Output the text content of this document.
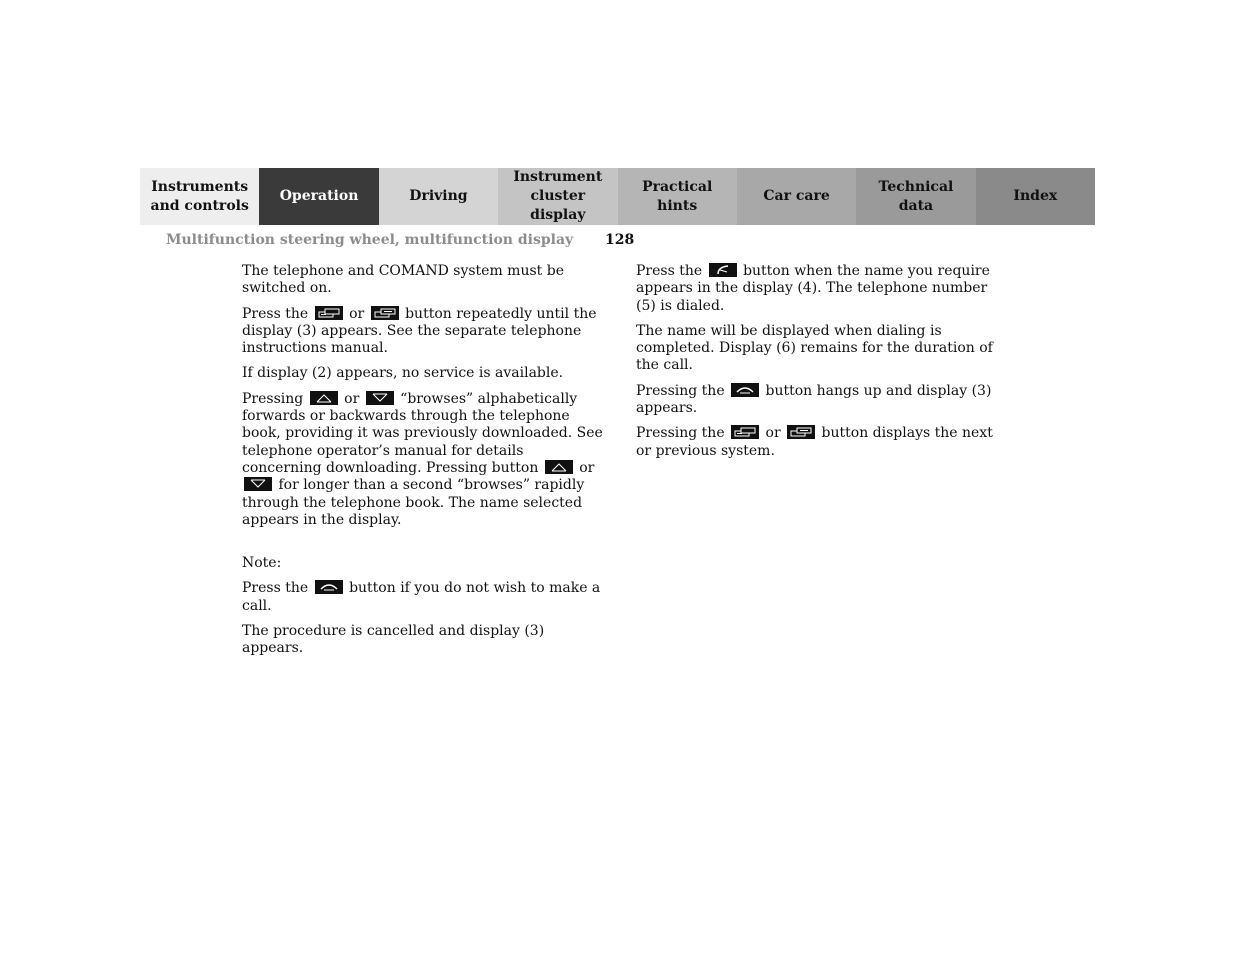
Instruments
and controls
Operation	Driving
Instrument
cluster display
Practical hints
Car care
Technical
data
Index
Multifunction steering wheel, multifunction display 128

The telephone and COMAND system must be switched on.

Press the	or	button repeatedly until the display (3) appears. See the separate telephone instructions manual.

If display (2) appears, no service is available.

Pressing	or	“browses” alphabetically forwards or backwards through the telephone book, providing it was previously downloaded. See telephone operator’s manual for details concerning downloading. Pressing button	or
for longer than a second “browses” rapidly through the telephone book. The name selected appears in the display.

Note:

Press the	button if you do not wish to make a call.

The procedure is cancelled and display (3) appears.

Press the	button when the name you require appears in the display (4). The telephone number (5) is dialed.

The name will be displayed when dialing is completed. Display (6) remains for the duration of the call.

Pressing the	button hangs up and display (3) appears.

Pressing the	or	button displays the next or previous system.
